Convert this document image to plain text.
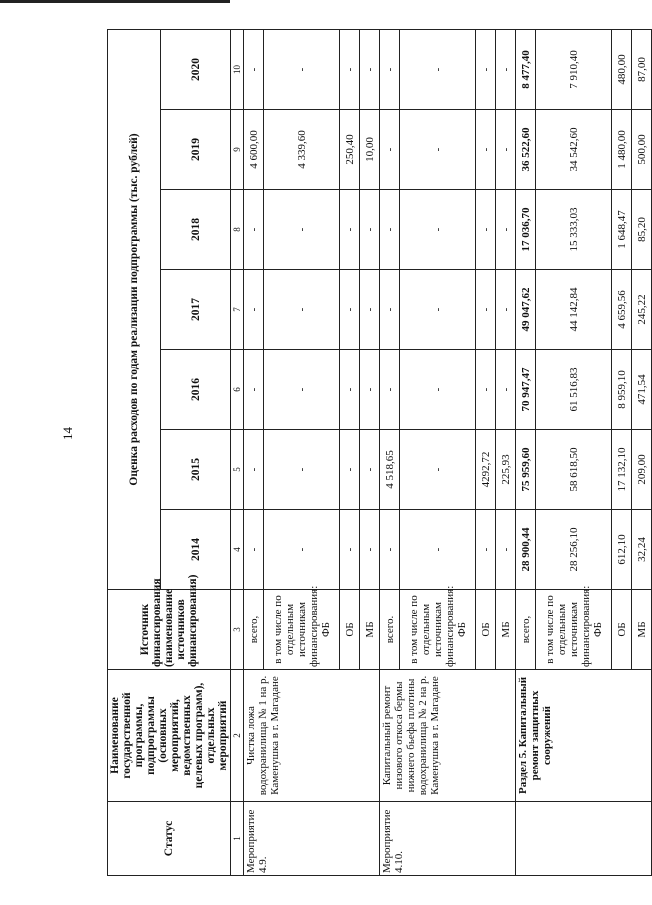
14
Статус	Наименование государственной программы, подпрограммы (основных мероприятий, ведомственных целевых программ), отдельных мероприятий	Источник финансирования (наименование источников финансирования)	Оценка расходов по годам реализации подпрограммы (тыс. рублей)						
			2014	2015	2016	2017	2018	2019	2020
1	2	3	4	5	6	7	8	9	10
Мероприятие 4.9.	Чистка ложа водохранилища № 1 на р. Каменушка в г. Магадане	всего,	-	-	-	-	-	4 600,00	-
		в том числе по отдельным источникам финансирования: ФБ	-	-	-	-	-	4 339,60	-
		ОБ	-	-	-	-	-	250,40	-
		МБ	-	-	-	-	-	10,00	-
Мероприятие 4.10.	Капитальный ремонт низового откоса бермы нижнего бьефа плотины водохранилища № 2 на р. Каменушка в г. Магадане	всего.	-	4 518,65	-	-	-	-	-
		в том числе по отдельным источникам финансирования: ФБ	-	-	-	-	-	-	-
		ОБ	-	4292,72	-	-	-	-	-
		МБ	-	225,93	-	-	-	-	-
	Раздел 5. Капитальный ремонт защитных сооружений	всего,	28 900,44	75 959,60	70 947,47	49 047,62	17 036,70	36 522,60	8 477,40
		в том числе по отдельным источникам финансирования: ФБ	28 256,10	58 618,50	61 516,83	44 142,84	15 333,03	34 542,60	7 910,40
		ОБ	612,10	17 132,10	8 959,10	4 659,56	1 648,47	1 480,00	480,00
		МБ	32,24	209,00	471,54	245,22	85,20	500,00	87,00
